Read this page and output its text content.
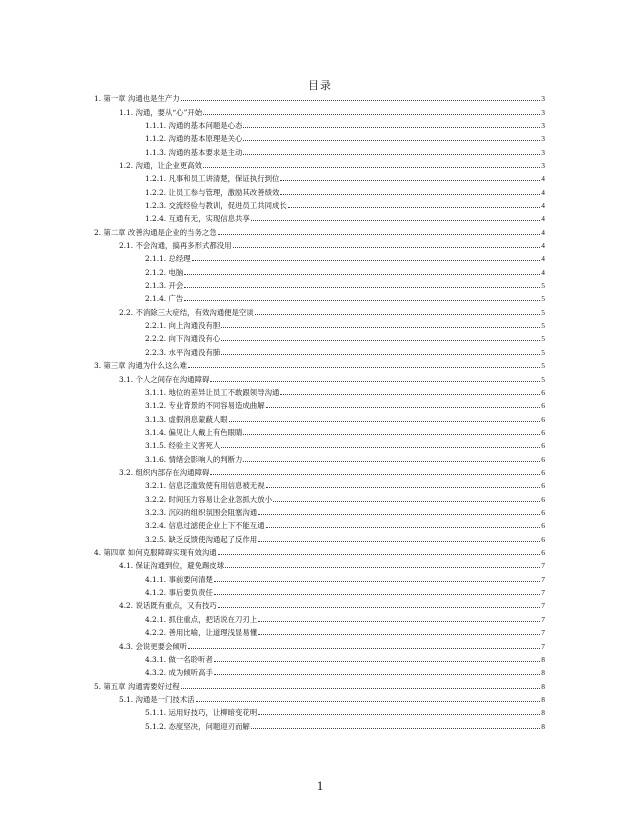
目录
1. 第一章 沟通也是生产力	3
1.1. 沟通，要从“心”开始	3
1.1.1. 沟通的基本问题是心态	3
1.1.2. 沟通的基本原理是关心	3
1.1.3. 沟通的基本要求是主动	3
1.2. 沟通，让企业更高效	3
1.2.1. 凡事和员工讲清楚，保证执行到位	4
1.2.2. 让员工参与管理，激励其改善绩效	4
1.2.3. 交流经验与教训，促进员工共同成长	4
1.2.4. 互通有无，实现信息共享	4
2. 第二章 改善沟通是企业的当务之急	4
2.1. 不会沟通，搞再多形式都没用	4
2.1.1. 总经理	4
2.1.2. 电脑	4
2.1.3. 开会	5
2.1.4. 广告	5
2.2. 不消除三大症结，有效沟通便是空谈	5
2.2.1. 向上沟通没有胆	5
2.2.2. 向下沟通没有心	5
2.2.3. 水平沟通没有肺	5
3. 第三章 沟通为什么这么难	5
3.1. 个人之间存在沟通障碍	5
3.1.1. 地位的差异让员工不敢跟领导沟通	6
3.1.2. 专业背景的不同容易造成曲解	6
3.1.3. 虚假消息蒙蔽人眼	6
3.1.4. 偏见让人戴上有色眼睛	6
3.1.5. 经验主义害死人	6
3.1.6. 情绪会影响人的判断力	6
3.2. 组织内部存在沟通障碍	6
3.2.1. 信息泛滥致使有用信息被无视	6
3.2.2. 时间压力容易让企业忽抓大放小	6
3.2.3. 沉闷的组织氛围会阻塞沟通	6
3.2.4. 信息过滤使企业上下不能互通	6
3.2.5. 缺乏反馈使沟通起了反作用	6
4. 第四章 如何克服障碍实现有效沟通	6
4.1. 保证沟通到位，避免踢皮球	7
4.1.1. 事前要问清楚	7
4.1.2. 事后要负责任	7
4.2. 说话既有重点，又有技巧	7
4.2.1. 抓住重点，把话说在刀刃上	7
4.2.2. 善用比喻，让道理浅显易懂	7
4.3. 会说更要会倾听	7
4.3.1. 做一名聆听者	8
4.3.2. 成为倾听高手	8
5. 第五章 沟通需要好过程	8
5.1. 沟通是一门技术活	8
5.1.1. 运用好技巧，让柳暗变花明	8
5.1.2. 态度坚决，问题迎刃而解	8
1
